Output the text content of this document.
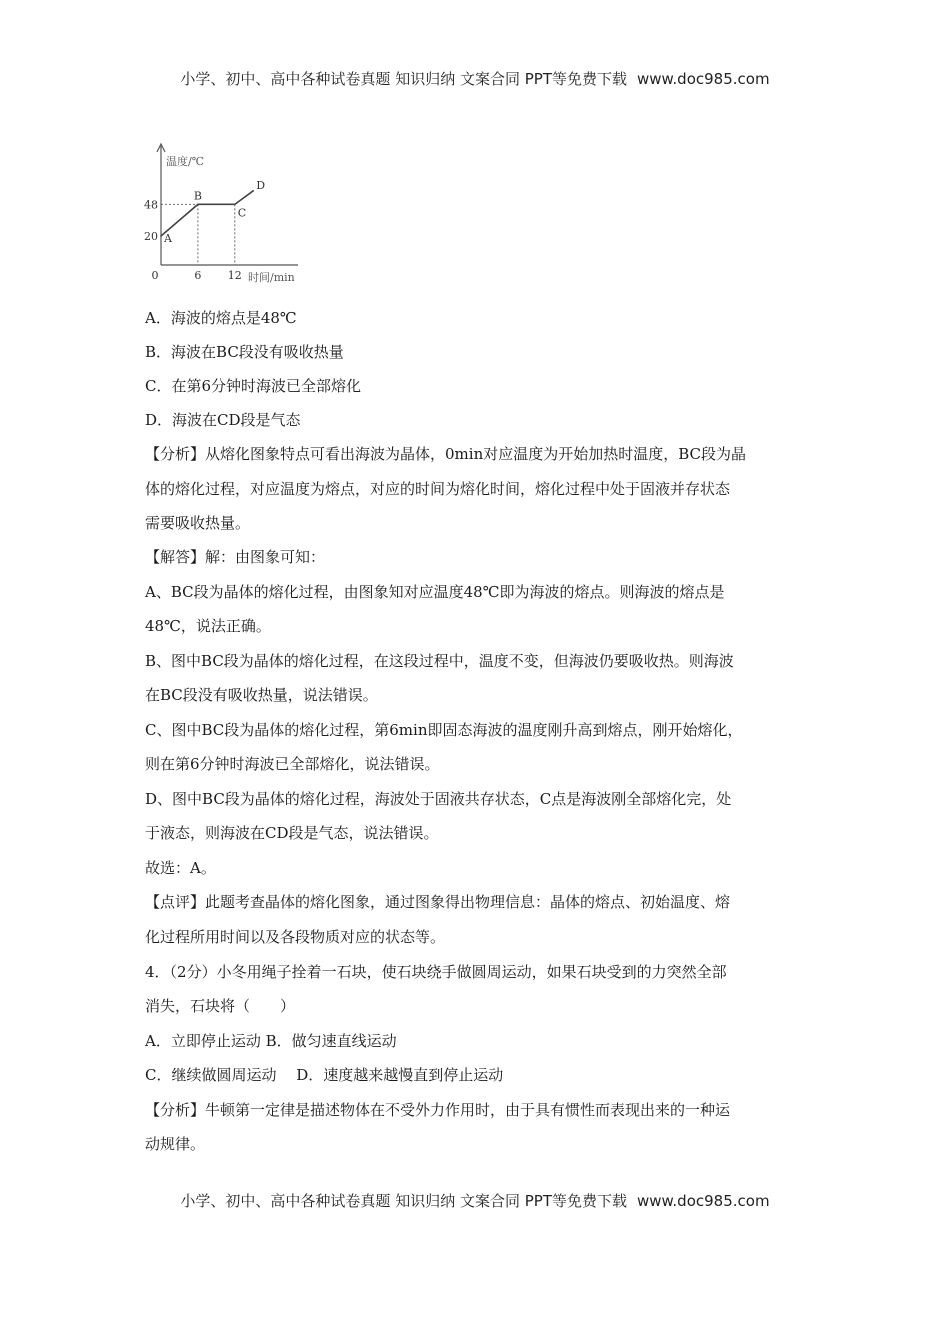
小学、初中、高中各种试卷真题 知识归纳 文案合同 PPT等免费下载 www.doc985.com
A
B
C
D
20
48
0	6 12
温度/℃
时间/min
A．海波的熔点是48℃
B．海波在BC段没有吸收热量
C．在第6分钟时海波已全部熔化
D．海波在CD段是气态
【分析】从熔化图象特点可看出海波为晶体，0min对应温度为开始加热时温度，BC段为晶
体的熔化过程，对应温度为熔点，对应的时间为熔化时间，熔化过程中处于固液并存状态
需要吸收热量。
【解答】解：由图象可知：
A、BC段为晶体的熔化过程，由图象知对应温度48℃即为海波的熔点。则海波的熔点是
48℃，说法正确。
B、图中BC段为晶体的熔化过程，在这段过程中，温度不变，但海波仍要吸收热。则海波
在BC段没有吸收热量，说法错误。
C、图中BC段为晶体的熔化过程，第6min即固态海波的温度刚升高到熔点，刚开始熔化，
则在第6分钟时海波已全部熔化，说法错误。
D、图中BC段为晶体的熔化过程，海波处于固液共存状态，C点是海波刚全部熔化完，处
于液态，则海波在CD段是气态，说法错误。
故选：A。
【点评】此题考查晶体的熔化图象，通过图象得出物理信息：晶体的熔点、初始温度、熔
化过程所用时间以及各段物质对应的状态等。
4．（2分）小冬用绳子拴着一石块，使石块绕手做圆周运动，如果石块受到的力突然全部
消失，石块将（　　）
A．立即停止运动 B．做匀速直线运动
C．继续做圆周运动　 D．速度越来越慢直到停止运动
【分析】牛顿第一定律是描述物体在不受外力作用时，由于具有惯性而表现出来的一种运
动规律。
小学、初中、高中各种试卷真题 知识归纳 文案合同 PPT等免费下载 www.doc985.com
